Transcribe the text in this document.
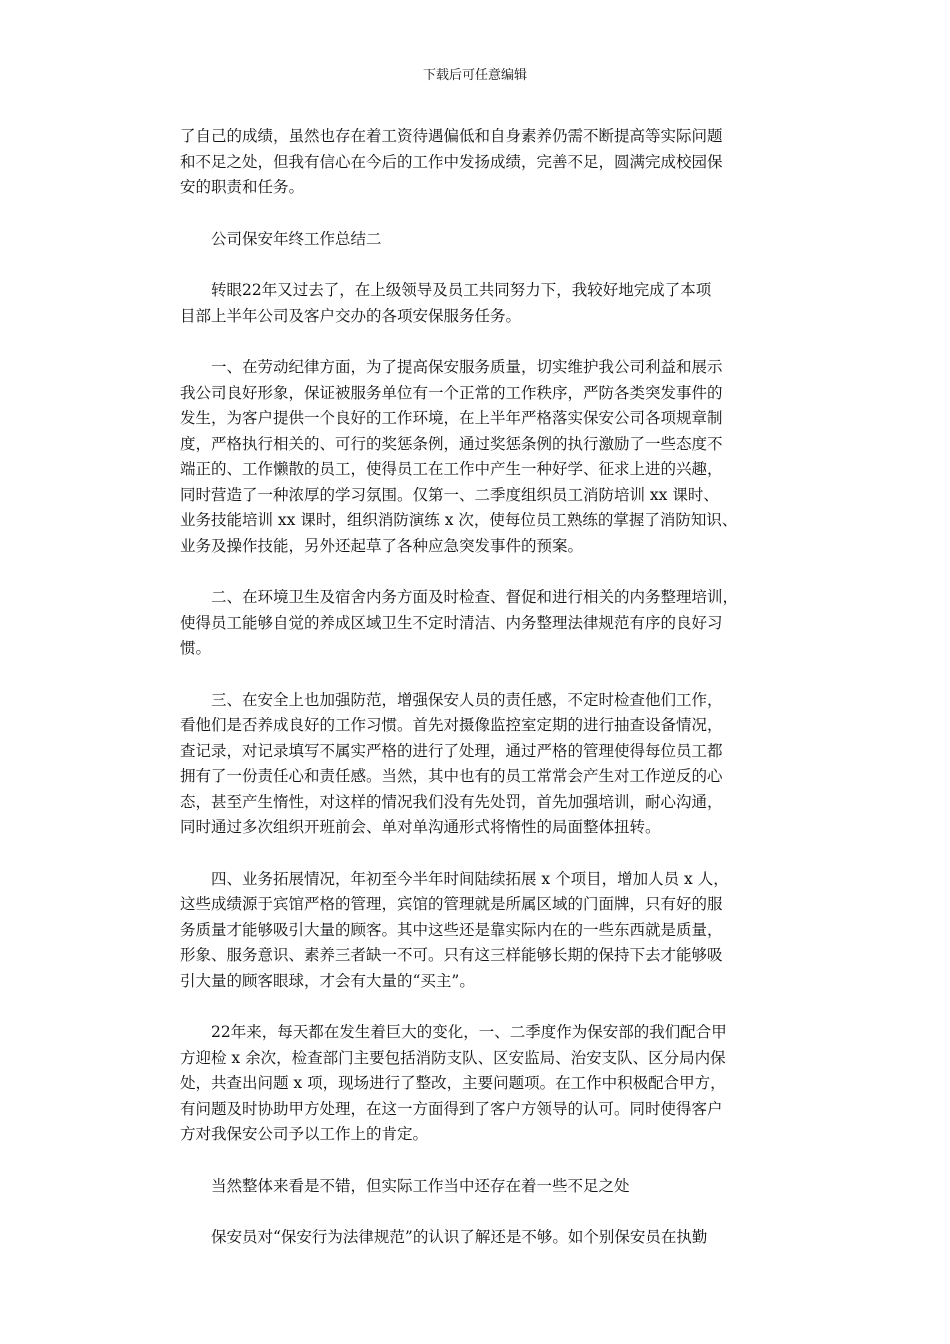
下载后可任意编辑

了自己的成绩，虽然也存在着工资待遇偏低和自身素养仍需不断提高等实际问题
和不足之处，但我有信心在今后的工作中发扬成绩，完善不足，圆满完成校园保
安的职责和任务。

公司保安年终工作总结二

转眼22年又过去了，在上级领导及员工共同努力下，我较好地完成了本项
目部上半年公司及客户交办的各项安保服务任务。

一、在劳动纪律方面，为了提高保安服务质量，切实维护我公司利益和展示
我公司良好形象，保证被服务单位有一个正常的工作秩序，严防各类突发事件的
发生，为客户提供一个良好的工作环境，在上半年严格落实保安公司各项规章制
度，严格执行相关的、可行的奖惩条例，通过奖惩条例的执行激励了一些态度不
端正的、工作懒散的员工，使得员工在工作中产生一种好学、征求上进的兴趣，
同时营造了一种浓厚的学习氛围。仅第一、二季度组织员工消防培训 xx 课时、
业务技能培训 xx 课时，组织消防演练 x 次，使每位员工熟练的掌握了消防知识、
业务及操作技能，另外还起草了各种应急突发事件的预案。

二、在环境卫生及宿舍内务方面及时检查、督促和进行相关的内务整理培训，
使得员工能够自觉的养成区域卫生不定时清洁、内务整理法律规范有序的良好习
惯。

三、在安全上也加强防范，增强保安人员的责任感，不定时检查他们工作，
看他们是否养成良好的工作习惯。首先对摄像监控室定期的进行抽查设备情况，
查记录，对记录填写不属实严格的进行了处理，通过严格的管理使得每位员工都
拥有了一份责任心和责任感。当然，其中也有的员工常常会产生对工作逆反的心
态，甚至产生惰性，对这样的情况我们没有先处罚，首先加强培训，耐心沟通，
同时通过多次组织开班前会、单对单沟通形式将惰性的局面整体扭转。

四、业务拓展情况，年初至今半年时间陆续拓展 x 个项目，增加人员 x 人，
这些成绩源于宾馆严格的管理，宾馆的管理就是所属区域的门面牌，只有好的服
务质量才能够吸引大量的顾客。其中这些还是靠实际内在的一些东西就是质量，
形象、服务意识、素养三者缺一不可。只有这三样能够长期的保持下去才能够吸
引大量的顾客眼球，才会有大量的“买主”。

22年来，每天都在发生着巨大的变化，一、二季度作为保安部的我们配合甲
方迎检 x 余次，检查部门主要包括消防支队、区安监局、治安支队、区分局内保
处，共查出问题 x 项，现场进行了整改，主要问题项。在工作中积极配合甲方，
有问题及时协助甲方处理，在这一方面得到了客户方领导的认可。同时使得客户
方对我保安公司予以工作上的肯定。

当然整体来看是不错，但实际工作当中还存在着一些不足之处

保安员对“保安行为法律规范”的认识了解还是不够。如个别保安员在执勤
